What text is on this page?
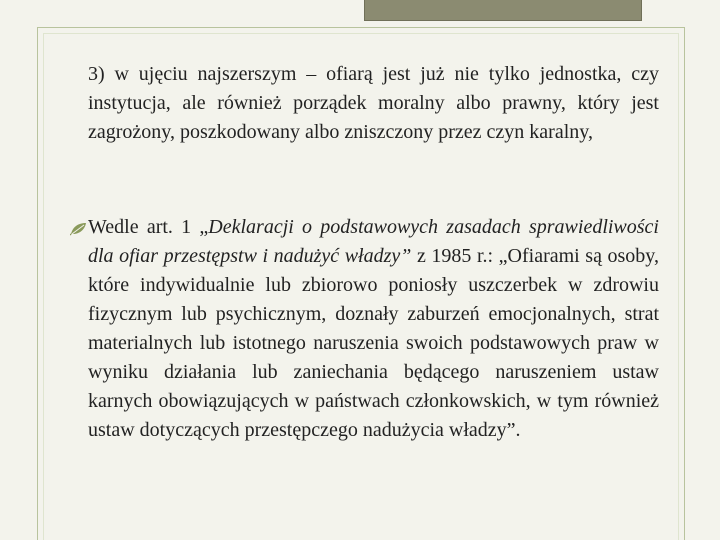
3) w ujęciu najszerszym – ofiarą jest już nie tylko jednostka, czy instytucja, ale również porządek moralny albo prawny, który jest zagrożony, poszkodowany albo zniszczony przez czyn karalny,

Wedle art. 1 „Deklaracji o podstawowych zasadach sprawiedliwości dla ofiar przestępstw i nadużyć władzy” z 1985 r.: „Ofiarami są osoby, które indywidualnie lub zbiorowo poniosły uszczerbek w zdrowiu fizycznym lub psychicznym, doznały zaburzeń emocjonalnych, strat materialnych lub istotnego naruszenia swoich podstawowych praw w wyniku działania lub zaniechania będącego naruszeniem ustaw karnych obowiązujących w państwach członkowskich, w tym również ustaw dotyczących przestępczego nadużycia władzy”.
